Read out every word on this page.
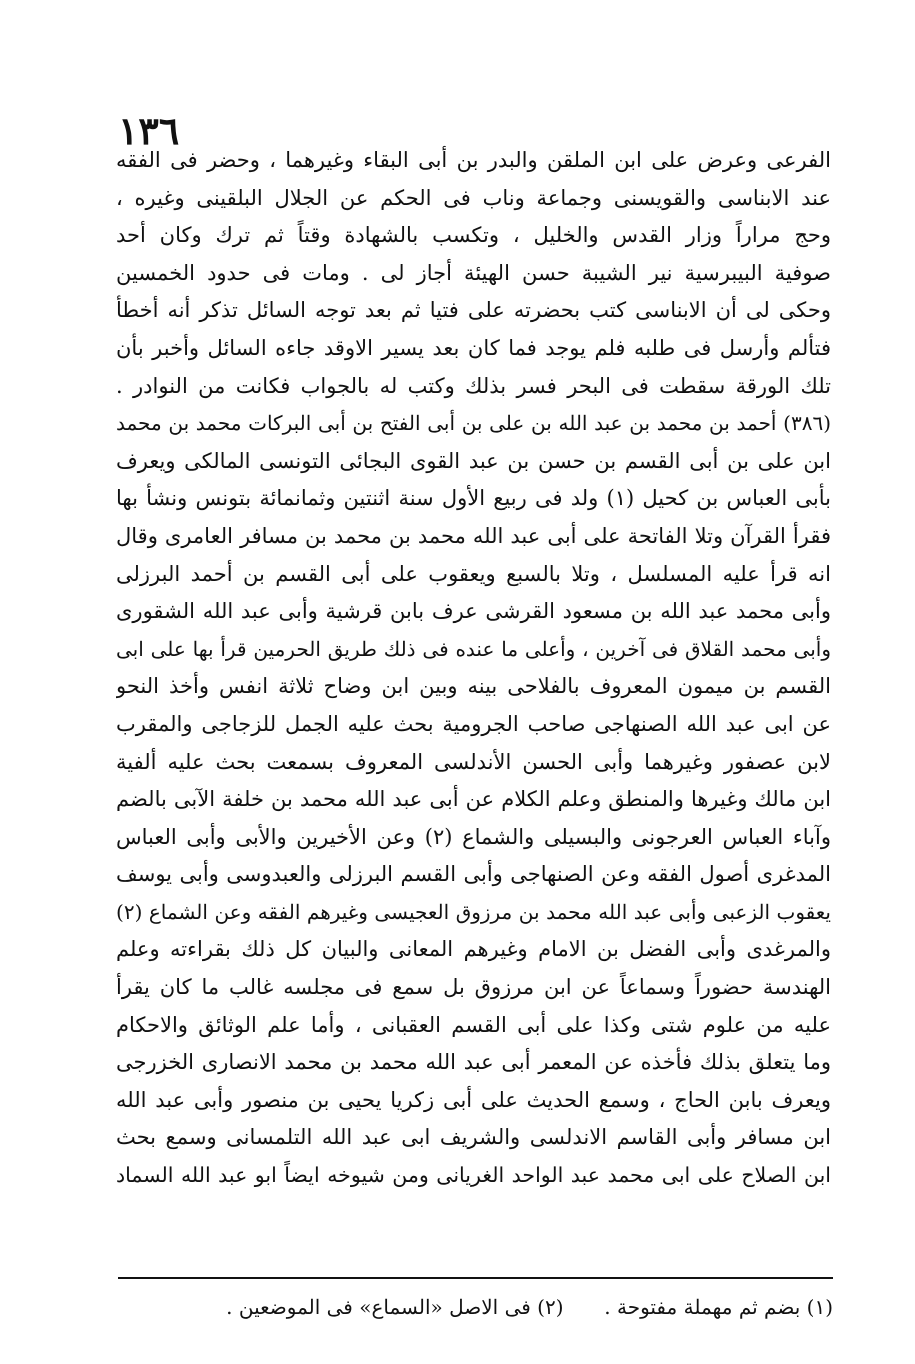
١٣٦
الفرعى وعرض على ابن الملقن والبدر بن أبى البقاء وغيرهما ، وحضر فى الفقه
عند الابناسى والقويسنى وجماعة وناب فى الحكم عن الجلال البلقينى وغيره ،
وحج مراراً وزار القدس والخليل ، وتكسب بالشهادة وقتاً ثم ترك وكان أحد
صوفية البيبرسية نير الشيبة حسن الهيئة أجاز لى . ومات فى حدود الخمسين
وحكى لى أن الابناسى كتب بحضرته على فتيا ثم بعد توجه السائل تذكر أنه أخطأ
فتألم وأرسل فى طلبه فلم يوجد فما كان بعد يسير الاوقد جاءه السائل وأخبر بأن
تلك الورقة سقطت فى البحر فسر بذلك وكتب له بالجواب فكانت من النوادر .
(٣٨٦) أحمد بن محمد بن عبد الله بن على بن أبى الفتح بن أبى البركات محمد بن محمد
ابن على بن أبى القسم بن حسن بن عبد القوى البجائى التونسى المالكى ويعرف
بأبى العباس بن كحيل (١) ولد فى ربيع الأول سنة اثنتين وثمانمائة بتونس ونشأ بها
فقرأ القرآن وتلا الفاتحة على أبى عبد الله محمد بن محمد بن مسافر العامرى وقال
انه قرأ عليه المسلسل ، وتلا بالسبع ويعقوب على أبى القسم بن أحمد البرزلى
وأبى محمد عبد الله بن مسعود القرشى عرف بابن قرشية وأبى عبد الله الشقورى
وأبى محمد القلاق فى آخرين ، وأعلى ما عنده فى ذلك طريق الحرمين قرأ بها على ابى
القسم بن ميمون المعروف بالفلاحى بينه وبين ابن وضاح ثلاثة انفس وأخذ النحو
عن ابى عبد الله الصنهاجى صاحب الجرومية بحث عليه الجمل للزجاجى والمقرب
لابن عصفور وغيرهما وأبى الحسن الأندلسى المعروف بسمعت بحث عليه ألفية
ابن مالك وغيرها والمنطق وعلم الكلام عن أبى عبد الله محمد بن خلفة الآبى بالضم
وآباء العباس العرجونى والبسيلى والشماع (٢) وعن الأخيرين والأبى وأبى العباس
المدغرى أصول الفقه وعن الصنهاجى وأبى القسم البرزلى والعبدوسى وأبى يوسف
يعقوب الزعبى وأبى عبد الله محمد بن مرزوق العجيسى وغيرهم الفقه وعن الشماع (٢)
والمرغدى وأبى الفضل بن الامام وغيرهم المعانى والبيان كل ذلك بقراءته وعلم
الهندسة حضوراً وسماعاً عن ابن مرزوق بل سمع فى مجلسه غالب ما كان يقرأ
عليه من علوم شتى وكذا على أبى القسم العقبانى ، وأما علم الوثائق والاحكام
وما يتعلق بذلك فأخذه عن المعمر أبى عبد الله محمد بن محمد الانصارى الخزرجى
ويعرف بابن الحاج ، وسمع الحديث على أبى زكريا يحيى بن منصور وأبى عبد الله
ابن مسافر وأبى القاسم الاندلسى والشريف ابى عبد الله التلمسانى وسمع بحث
ابن الصلاح على ابى محمد عبد الواحد الغريانى ومن شيوخه ايضاً ابو عبد الله السماد
(١) بضم ثم مهملة مفتوحة .  (٢) فى الاصل «السماع» فى الموضعين .
